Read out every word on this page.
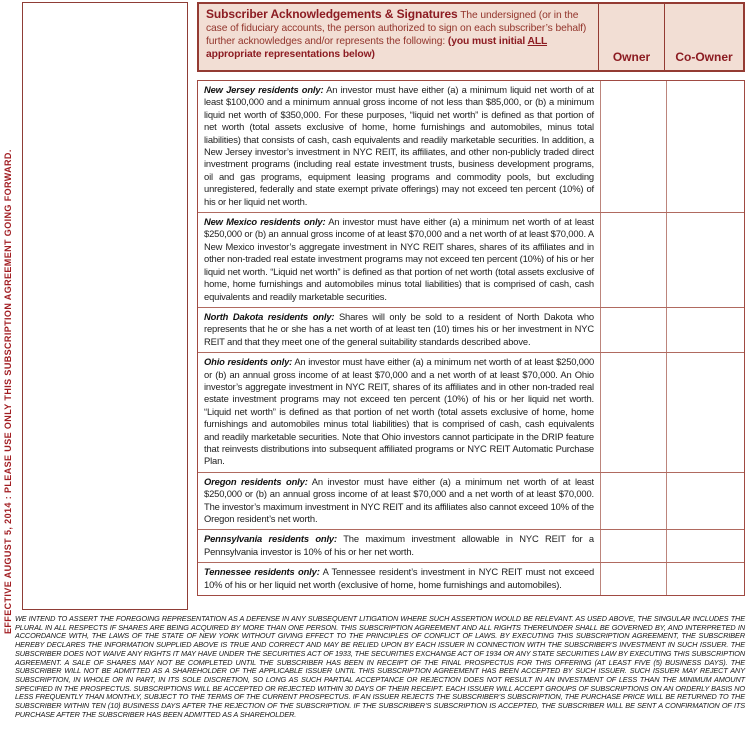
EFFECTIVE AUGUST 5, 2014 : PLEASE USE ONLY THIS SUBSCRIPTION AGREEMENT GOING FORWARD.
Subscriber Acknowledgements & Signatures The undersigned (or in the case of fiduciary accounts, the person authorized to sign on each subscriber’s behalf) further acknowledges and/or represents the following: (you must initial ALL appropriate representations below)	Owner Co-Owner
New Jersey residents only: An investor must have either (a) a minimum liquid net worth of at least $100,000 and a minimum annual gross income of not less than $85,000, or (b) a minimum liquid net worth of $350,000. For these purposes, “liquid net worth” is defined as that portion of net worth (total assets exclusive of home, home furnishings and automobiles, minus total liabilities) that consists of cash, cash equivalents and readily marketable securities. In addition, a New Jersey investor’s investment in NYC REIT, its affiliates, and other non-publicly traded direct investment programs (including real estate investment trusts, business development programs, oil and gas programs, equipment leasing programs and commodity pools, but excluding unregistered, federally and state exempt private offerings) may not exceed ten percent (10%) of his or her liquid net worth.
New Mexico residents only: An investor must have either (a) a minimum net worth of at least $250,000 or (b) an annual gross income of at least $70,000 and a net worth of at least $70,000. A New Mexico investor’s aggregate investment in NYC REIT shares, shares of its affiliates and in other non-traded real estate investment programs may not exceed ten percent (10%) of his or her liquid net worth. “Liquid net worth” is defined as that portion of net worth (total assets exclusive of home, home furnishings and automobiles minus total liabilities) that is comprised of cash, cash equivalents and readily marketable securities.
North Dakota residents only: Shares will only be sold to a resident of North Dakota who represents that he or she has a net worth of at least ten (10) times his or her investment in NYC REIT and that they meet one of the general suitability standards described above.
Ohio residents only: An investor must have either (a) a minimum net worth of at least $250,000 or (b) an annual gross income of at least $70,000 and a net worth of at least $70,000. An Ohio investor’s aggregate investment in NYC REIT, shares of its affiliates and in other non-traded real estate investment programs may not exceed ten percent (10%) of his or her liquid net worth. “Liquid net worth” is defined as that portion of net worth (total assets exclusive of home, home furnishings and automobiles minus total liabilities) that is comprised of cash, cash equivalents and readily marketable securities. Note that Ohio investors cannot participate in the DRIP feature that reinvests distributions into subsequent affiliated programs or NYC REIT Automatic Purchase Plan.
Oregon residents only: An investor must have either (a) a minimum net worth of at least $250,000 or (b) an annual gross income of at least $70,000 and a net worth of at least $70,000. The investor’s maximum investment in NYC REIT and its affiliates also cannot exceed 10% of the Oregon resident’s net worth.
Pennsylvania residents only: The maximum investment allowable in NYC REIT for a Pennsylvania investor is 10% of his or her net worth.
Tennessee residents only: A Tennessee resident’s investment in NYC REIT must not exceed 10% of his or her liquid net worth (exclusive of home, home furnishings and automobiles).
WE INTEND TO ASSERT THE FOREGOING REPRESENTATION AS A DEFENSE IN ANY SUBSEQUENT LITIGATION WHERE SUCH ASSERTION WOULD BE RELEVANT. AS USED ABOVE, THE SINGULAR INCLUDES THE PLURAL IN ALL RESPECTS IF SHARES ARE BEING ACQUIRED BY MORE THAN ONE PERSON. THIS SUBSCRIPTION AGREEMENT AND ALL RIGHTS THEREUNDER SHALL BE GOVERNED BY, AND INTERPRETED IN ACCORDANCE WITH, THE LAWS OF THE STATE OF NEW YORK WITHOUT GIVING EFFECT TO THE PRINCIPLES OF CONFLICT OF LAWS. BY EXECUTING THIS SUBSCRIPTION AGREEMENT, THE SUBSCRIBER HEREBY DECLARES THE INFORMATION SUPPLIED ABOVE IS TRUE AND CORRECT AND MAY BE RELIED UPON BY EACH ISSUER IN CONNECTION WITH THE SUBSCRIBER’S INVESTMENT IN SUCH ISSUER. THE SUBSCRIBER DOES NOT WAIVE ANY RIGHTS IT MAY HAVE UNDER THE SECURITIES ACT OF 1933, THE SECURITIES EXCHANGE ACT OF 1934 OR ANY STATE SECURITIES LAW BY EXECUTING THIS SUBSCRIPTION AGREEMENT. A SALE OF SHARES MAY NOT BE COMPLETED UNTIL THE SUBSCRIBER HAS BEEN IN RECEIPT OF THE FINAL PROSPECTUS FOR THIS OFFERING (AT LEAST FIVE (5) BUSINESS DAYS). THE SUBSCRIBER WILL NOT BE ADMITTED AS A SHAREHOLDER OF THE APPLICABLE ISSUER UNTIL THIS SUBSCRIPTION AGREEMENT HAS BEEN ACCEPTED BY SUCH ISSUER. SUCH ISSUER MAY REJECT ANY SUBSCRIPTION, IN WHOLE OR IN PART, IN ITS SOLE DISCRETION, SO LONG AS SUCH PARTIAL ACCEPTANCE OR REJECTION DOES NOT RESULT IN AN INVESTMENT OF LESS THAN THE MINIMUM AMOUNT SPECIFIED IN THE PROSPECTUS. SUBSCRIPTIONS WILL BE ACCEPTED OR REJECTED WITHIN 30 DAYS OF THEIR RECEIPT. EACH ISSUER WILL ACCEPT GROUPS OF SUBSCRIPTIONS ON AN ORDERLY BASIS NO LESS FREQUENTLY THAN MONTHLY, SUBJECT TO THE TERMS OF THE CURRENT PROSPECTUS. IF AN ISSUER REJECTS THE SUBSCRIBER’S SUBSCRIPTION, THE PURCHASE PRICE WILL BE RETURNED TO THE SUBSCRIBER WITHIN TEN (10) BUSINESS DAYS AFTER THE REJECTION OF THE SUBSCRIPTION. IF THE SUBSCRIBER’S SUBSCRIPTION IS ACCEPTED, THE SUBSCRIBER WILL BE SENT A CONFIRMATION OF ITS PURCHASE AFTER THE SUBSCRIBER HAS BEEN ADMITTED AS A SHAREHOLDER.
